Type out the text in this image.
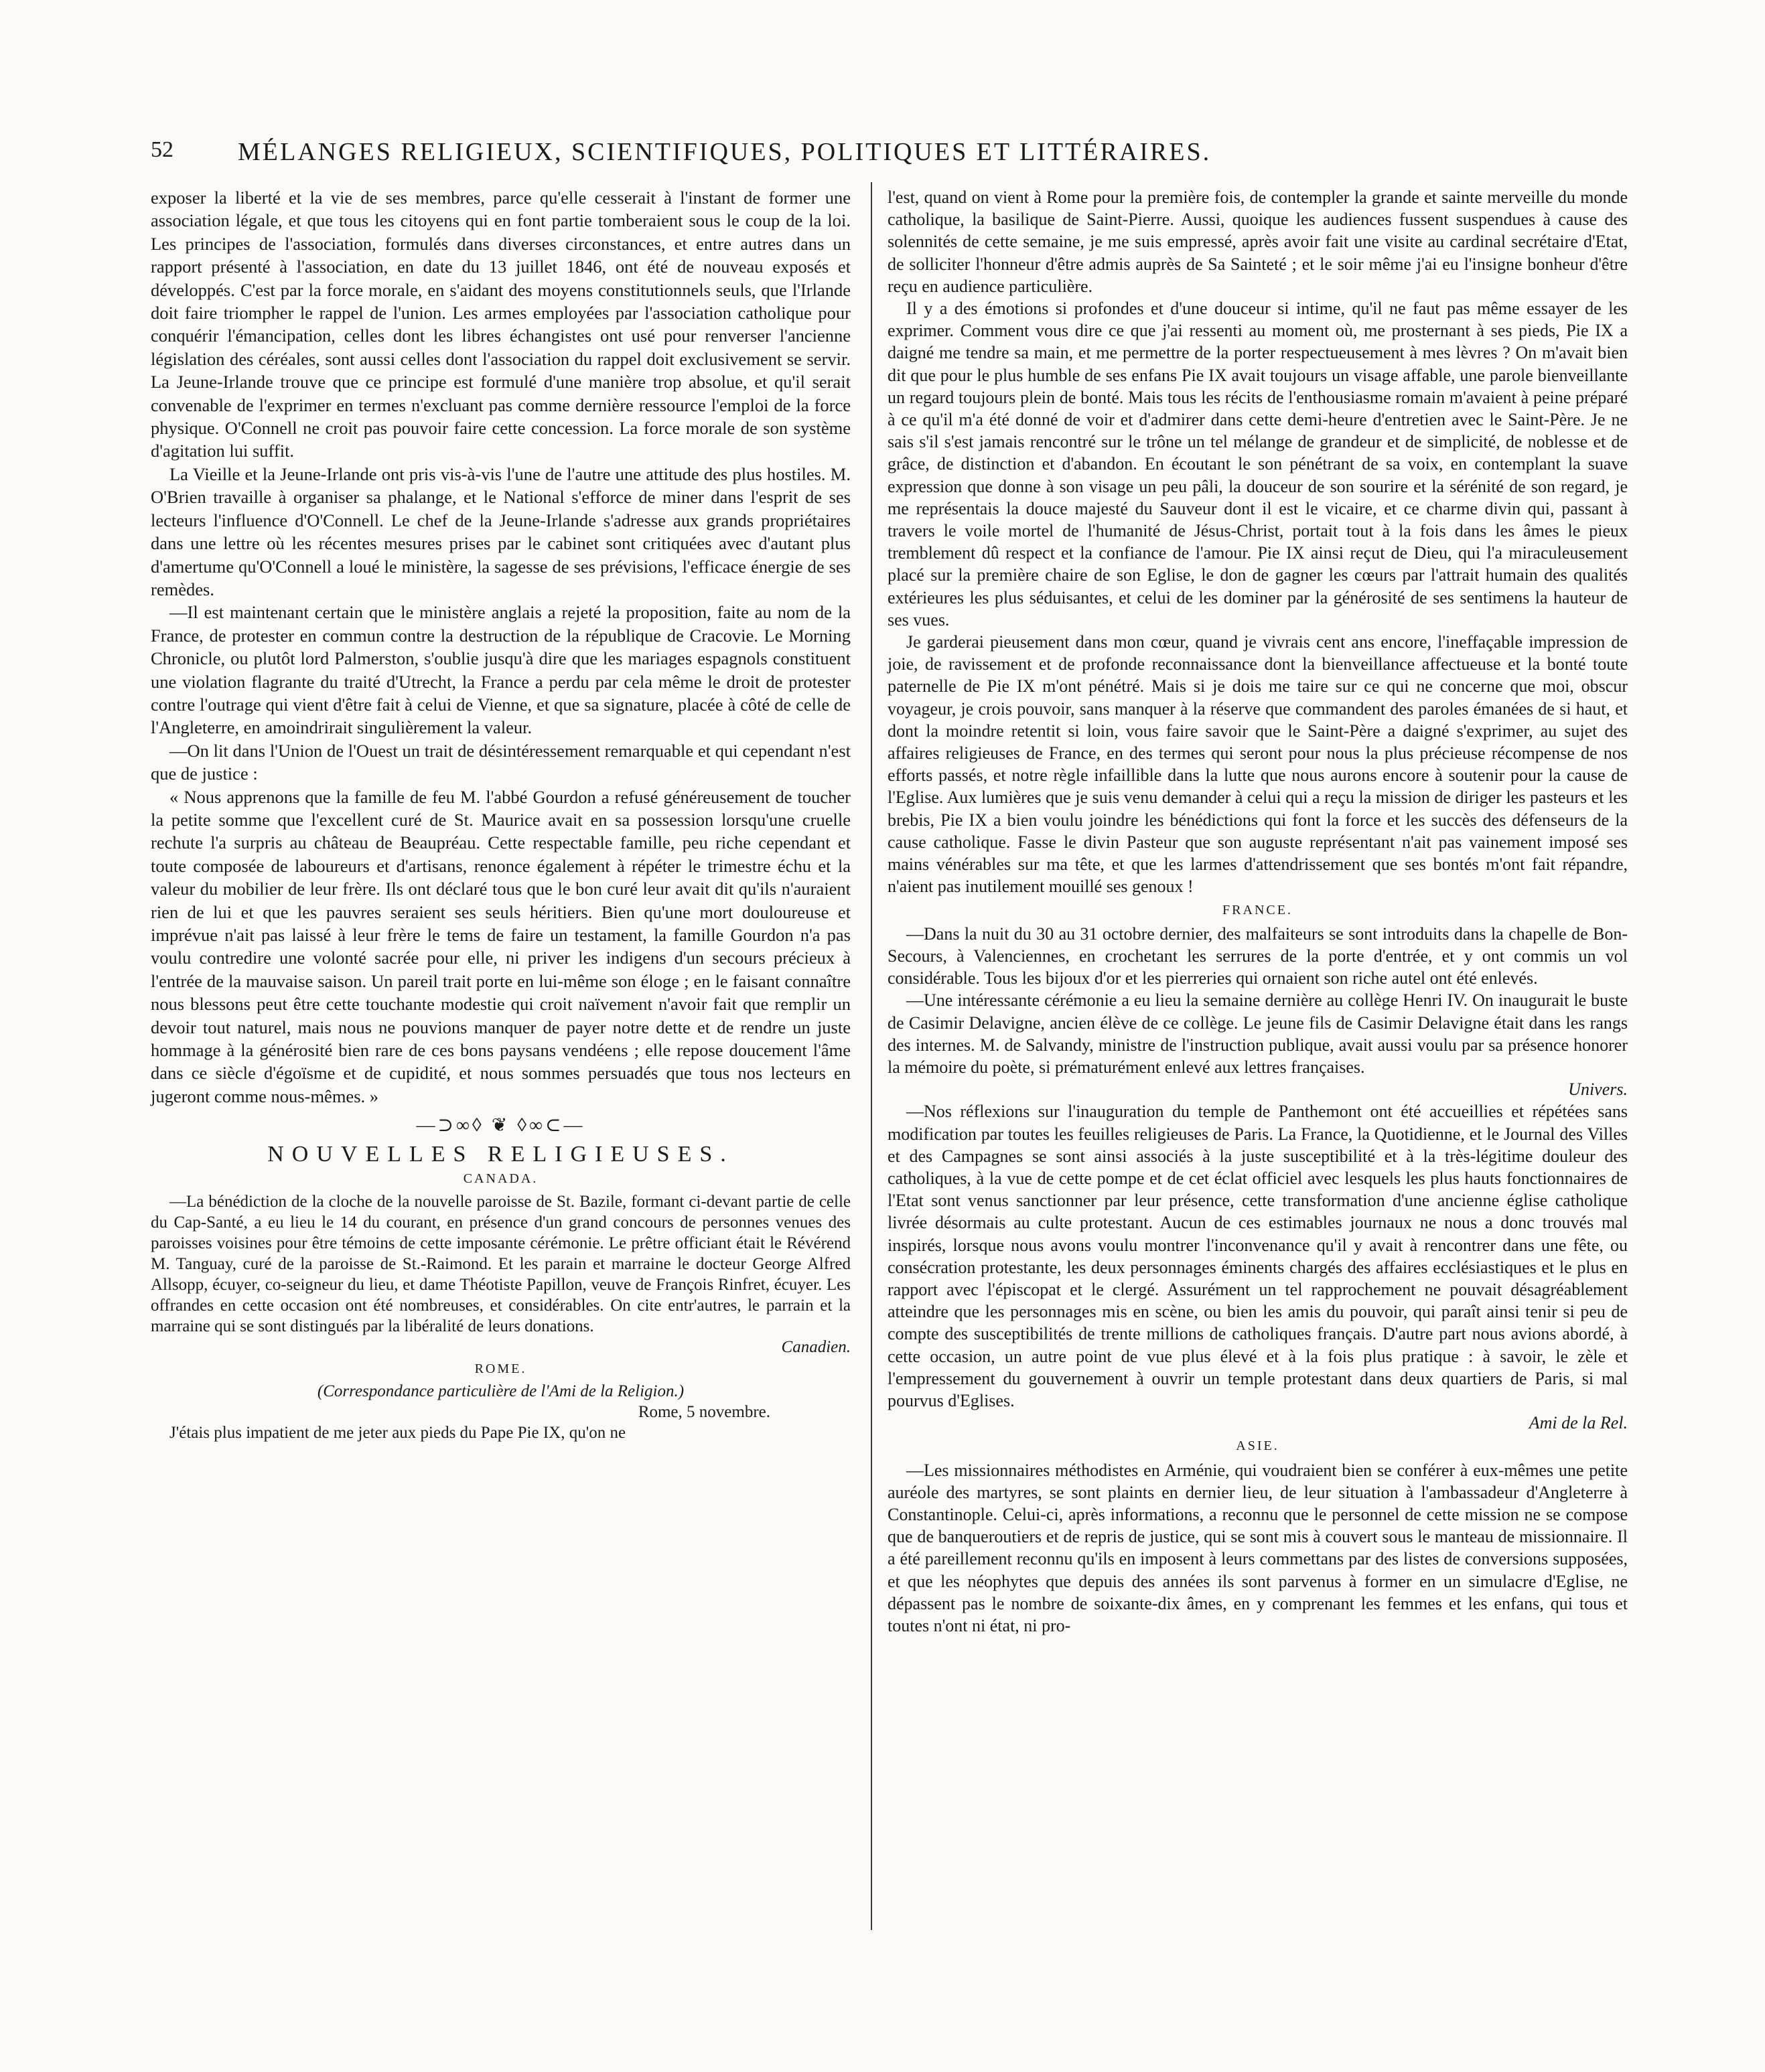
52	MÉLANGES RELIGIEUX, SCIENTIFIQUES, POLITIQUES ET LITTÉRAIRES.

exposer la liberté et la vie de ses membres, parce qu'elle cesserait à l'instant de former une association légale, et que tous les citoyens qui en font partie tomberaient sous le coup de la loi. Les principes de l'association, formulés dans diverses circonstances, et entre autres dans un rapport présenté à l'association, en date du 13 juillet 1846, ont été de nouveau exposés et développés. C'est par la force morale, en s'aidant des moyens constitutionnels seuls, que l'Irlande doit faire triompher le rappel de l'union. Les armes employées par l'association catholique pour conquérir l'émancipation, celles dont les libres échangistes ont usé pour renverser l'ancienne législation des céréales, sont aussi celles dont l'association du rappel doit exclusivement se servir. La Jeune-Irlande trouve que ce principe est formulé d'une manière trop absolue, et qu'il serait convenable de l'exprimer en termes n'excluant pas comme dernière ressource l'emploi de la force physique. O'Connell ne croit pas pouvoir faire cette concession. La force morale de son système d'agitation lui suffit.

La Vieille et la Jeune-Irlande ont pris vis-à-vis l'une de l'autre une attitude des plus hostiles. M. O'Brien travaille à organiser sa phalange, et le National s'efforce de miner dans l'esprit de ses lecteurs l'influence d'O'Connell. Le chef de la Jeune-Irlande s'adresse aux grands propriétaires dans une lettre où les récentes mesures prises par le cabinet sont critiquées avec d'autant plus d'amertume qu'O'Connell a loué le ministère, la sagesse de ses prévisions, l'efficace énergie de ses remèdes.

—Il est maintenant certain que le ministère anglais a rejeté la proposition, faite au nom de la France, de protester en commun contre la destruction de la république de Cracovie. Le Morning Chronicle, ou plutôt lord Palmerston, s'oublie jusqu'à dire que les mariages espagnols constituent une violation flagrante du traité d'Utrecht, la France a perdu par cela même le droit de protester contre l'outrage qui vient d'être fait à celui de Vienne, et que sa signature, placée à côté de celle de l'Angleterre, en amoindrirait singulièrement la valeur.

—On lit dans l'Union de l'Ouest un trait de désintéressement remarquable et qui cependant n'est que de justice :

« Nous apprenons que la famille de feu M. l'abbé Gourdon a refusé généreusement de toucher la petite somme que l'excellent curé de St. Maurice avait en sa possession lorsqu'une cruelle rechute l'a surpris au château de Beaupréau. Cette respectable famille, peu riche cependant et toute composée de laboureurs et d'artisans, renonce également à répéter le trimestre échu et la valeur du mobilier de leur frère. Ils ont déclaré tous que le bon curé leur avait dit qu'ils n'auraient rien de lui et que les pauvres seraient ses seuls héritiers. Bien qu'une mort douloureuse et imprévue n'ait pas laissé à leur frère le tems de faire un testament, la famille Gourdon n'a pas voulu contredire une volonté sacrée pour elle, ni priver les indigens d'un secours précieux à l'entrée de la mauvaise saison. Un pareil trait porte en lui-même son éloge ; en le faisant connaître nous blessons peut être cette touchante modestie qui croit naïvement n'avoir fait que remplir un devoir tout naturel, mais nous ne pouvions manquer de payer notre dette et de rendre un juste hommage à la générosité bien rare de ces bons paysans vendéens ; elle repose doucement l'âme dans ce siècle d'égoïsme et de cupidité, et nous sommes persuadés que tous nos lecteurs en jugeront comme nous-mêmes. »

—⊃∞◊ ❦ ◊∞⊂—
NOUVELLES RELIGIEUSES.
CANADA.

—La bénédiction de la cloche de la nouvelle paroisse de St. Bazile, formant ci-devant partie de celle du Cap-Santé, a eu lieu le 14 du courant, en présence d'un grand concours de personnes venues des paroisses voisines pour être témoins de cette imposante cérémonie. Le prêtre officiant était le Révérend M. Tanguay, curé de la paroisse de St.-Raimond. Et les parain et marraine le docteur George Alfred Allsopp, écuyer, co-seigneur du lieu, et dame Théotiste Papillon, veuve de François Rinfret, écuyer. Les offrandes en cette occasion ont été nombreuses, et considérables. On cite entr'autres, le parrain et la marraine qui se sont distingués par la libéralité de leurs donations.

Canadien.
ROME.

(Correspondance particulière de l'Ami de la Religion.)

Rome, 5 novembre.

J'étais plus impatient de me jeter aux pieds du Pape Pie IX, qu'on ne

l'est, quand on vient à Rome pour la première fois, de contempler la grande et sainte merveille du monde catholique, la basilique de Saint-Pierre. Aussi, quoique les audiences fussent suspendues à cause des solennités de cette semaine, je me suis empressé, après avoir fait une visite au cardinal secrétaire d'Etat, de solliciter l'honneur d'être admis auprès de Sa Sainteté ; et le soir même j'ai eu l'insigne bonheur d'être reçu en audience particulière.

Il y a des émotions si profondes et d'une douceur si intime, qu'il ne faut pas même essayer de les exprimer. Comment vous dire ce que j'ai ressenti au moment où, me prosternant à ses pieds, Pie IX a daigné me tendre sa main, et me permettre de la porter respectueusement à mes lèvres ? On m'avait bien dit que pour le plus humble de ses enfans Pie IX avait toujours un visage affable, une parole bienveillante un regard toujours plein de bonté. Mais tous les récits de l'enthousiasme romain m'avaient à peine préparé à ce qu'il m'a été donné de voir et d'admirer dans cette demi-heure d'entretien avec le Saint-Père. Je ne sais s'il s'est jamais rencontré sur le trône un tel mélange de grandeur et de simplicité, de noblesse et de grâce, de distinction et d'abandon. En écoutant le son pénétrant de sa voix, en contemplant la suave expression que donne à son visage un peu pâli, la douceur de son sourire et la sérénité de son regard, je me représentais la douce majesté du Sauveur dont il est le vicaire, et ce charme divin qui, passant à travers le voile mortel de l'humanité de Jésus-Christ, portait tout à la fois dans les âmes le pieux tremblement dû respect et la confiance de l'amour. Pie IX ainsi reçut de Dieu, qui l'a miraculeusement placé sur la première chaire de son Eglise, le don de gagner les cœurs par l'attrait humain des qualités extérieures les plus séduisantes, et celui de les dominer par la générosité de ses sentimens la hauteur de ses vues.

Je garderai pieusement dans mon cœur, quand je vivrais cent ans encore, l'ineffaçable impression de joie, de ravissement et de profonde reconnaissance dont la bienveillance affectueuse et la bonté toute paternelle de Pie IX m'ont pénétré. Mais si je dois me taire sur ce qui ne concerne que moi, obscur voyageur, je crois pouvoir, sans manquer à la réserve que commandent des paroles émanées de si haut, et dont la moindre retentit si loin, vous faire savoir que le Saint-Père a daigné s'exprimer, au sujet des affaires religieuses de France, en des termes qui seront pour nous la plus précieuse récompense de nos efforts passés, et notre règle infaillible dans la lutte que nous aurons encore à soutenir pour la cause de l'Eglise. Aux lumières que je suis venu demander à celui qui a reçu la mission de diriger les pasteurs et les brebis, Pie IX a bien voulu joindre les bénédictions qui font la force et les succès des défenseurs de la cause catholique. Fasse le divin Pasteur que son auguste représentant n'ait pas vainement imposé ses mains vénérables sur ma tête, et que les larmes d'attendrissement que ses bontés m'ont fait répandre, n'aient pas inutilement mouillé ses genoux !

FRANCE.

—Dans la nuit du 30 au 31 octobre dernier, des malfaiteurs se sont introduits dans la chapelle de Bon-Secours, à Valenciennes, en crochetant les serrures de la porte d'entrée, et y ont commis un vol considérable. Tous les bijoux d'or et les pierreries qui ornaient son riche autel ont été enlevés.

—Une intéressante cérémonie a eu lieu la semaine dernière au collège Henri IV. On inaugurait le buste de Casimir Delavigne, ancien élève de ce collège. Le jeune fils de Casimir Delavigne était dans les rangs des internes. M. de Salvandy, ministre de l'instruction publique, avait aussi voulu par sa présence honorer la mémoire du poète, si prématurément enlevé aux lettres françaises.

Univers.

—Nos réflexions sur l'inauguration du temple de Panthemont ont été accueillies et répétées sans modification par toutes les feuilles religieuses de Paris. La France, la Quotidienne, et le Journal des Villes et des Campagnes se sont ainsi associés à la juste susceptibilité et à la très-légitime douleur des catholiques, à la vue de cette pompe et de cet éclat officiel avec lesquels les plus hauts fonctionnaires de l'Etat sont venus sanctionner par leur présence, cette transformation d'une ancienne église catholique livrée désormais au culte protestant. Aucun de ces estimables journaux ne nous a donc trouvés mal inspirés, lorsque nous avons voulu montrer l'inconvenance qu'il y avait à rencontrer dans une fête, ou consécration protestante, les deux personnages éminents chargés des affaires ecclésiastiques et le plus en rapport avec l'épiscopat et le clergé. Assurément un tel rapprochement ne pouvait désagréablement atteindre que les personnages mis en scène, ou bien les amis du pouvoir, qui paraît ainsi tenir si peu de compte des susceptibilités de trente millions de catholiques français. D'autre part nous avions abordé, à cette occasion, un autre point de vue plus élevé et à la fois plus pratique : à savoir, le zèle et l'empressement du gouvernement à ouvrir un temple protestant dans deux quartiers de Paris, si mal pourvus d'Eglises.

Ami de la Rel.
ASIE.

—Les missionnaires méthodistes en Arménie, qui voudraient bien se conférer à eux-mêmes une petite auréole des martyres, se sont plaints en dernier lieu, de leur situation à l'ambassadeur d'Angleterre à Constantinople. Celui-ci, après informations, a reconnu que le personnel de cette mission ne se compose que de banqueroutiers et de repris de justice, qui se sont mis à couvert sous le manteau de missionnaire. Il a été pareillement reconnu qu'ils en imposent à leurs commettans par des listes de conversions supposées, et que les néophytes que depuis des années ils sont parvenus à former en un simulacre d'Eglise, ne dépassent pas le nombre de soixante-dix âmes, en y comprenant les femmes et les enfans, qui tous et toutes n'ont ni état, ni pro-
